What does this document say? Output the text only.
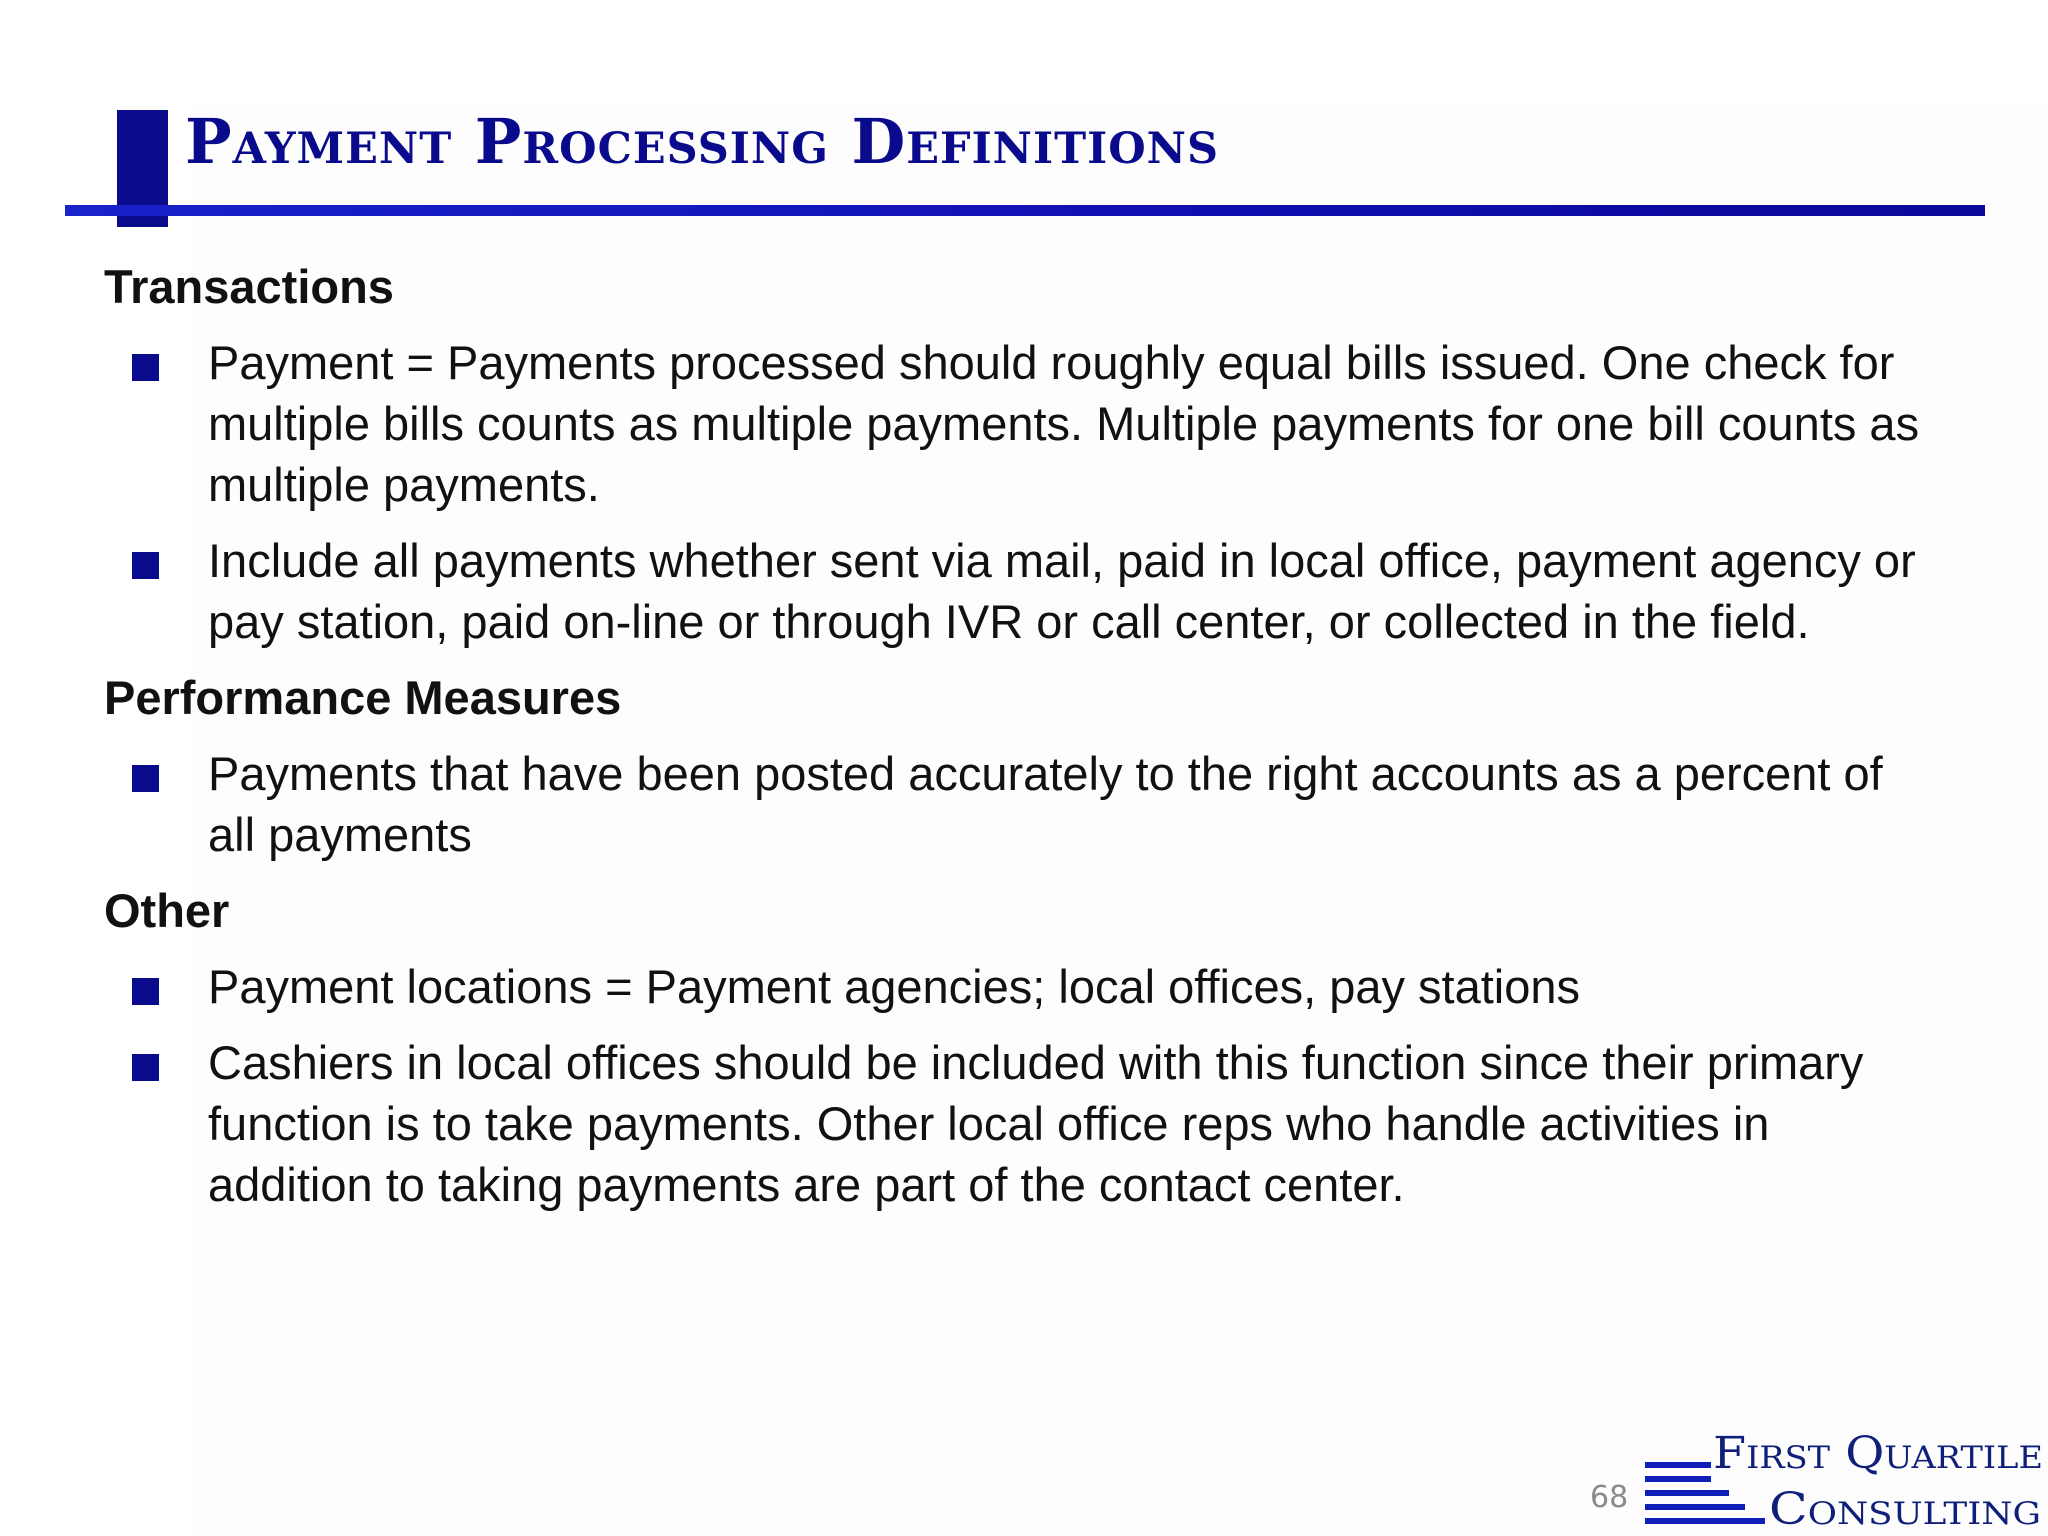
Payment Processing Definitions
Transactions
Payment = Payments processed should roughly equal bills issued. One check for multiple bills counts as multiple payments. Multiple payments for one bill counts as multiple payments.
Include all payments whether sent via mail, paid in local office, payment agency or pay station, paid on-line or through IVR or call center, or collected in the field.
Performance Measures
Payments that have been posted accurately to the right accounts as a percent of all payments
Other
Payment locations = Payment agencies; local offices, pay stations
Cashiers in local offices should be included with this function since their primary function is to take payments. Other local office reps who handle activities in addition to taking payments are part of the contact center.
68
First Quartile
Consulting
